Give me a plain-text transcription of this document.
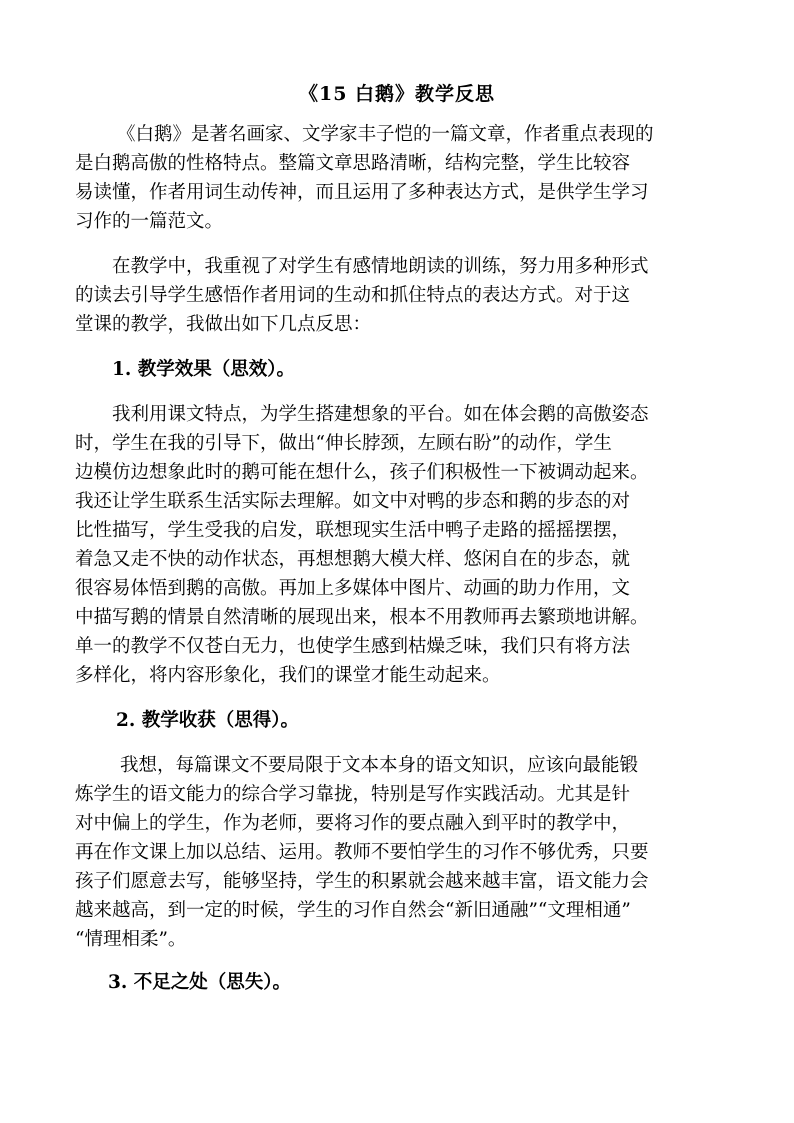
《15 白鹅》教学反思
《白鹅》是著名画家、文学家丰子恺的一篇文章，作者重点表现的
是白鹅高傲的性格特点。整篇文章思路清晰，结构完整，学生比较容
易读懂，作者用词生动传神，而且运用了多种表达方式，是供学生学习
习作的一篇范文。
在教学中，我重视了对学生有感情地朗读的训练，努力用多种形式
的读去引导学生感悟作者用词的生动和抓住特点的表达方式。对于这
堂课的教学，我做出如下几点反思：
1. 教学效果（思效）。
我利用课文特点，为学生搭建想象的平台。如在体会鹅的高傲姿态
时，学生在我的引导下，做出“伸长脖颈，左顾右盼”的动作，学生
边模仿边想象此时的鹅可能在想什么，孩子们积极性一下被调动起来。
我还让学生联系生活实际去理解。如文中对鸭的步态和鹅的步态的对
比性描写，学生受我的启发，联想现实生活中鸭子走路的摇摇摆摆，
着急又走不快的动作状态，再想想鹅大模大样、悠闲自在的步态，就
很容易体悟到鹅的高傲。再加上多媒体中图片、动画的助力作用，文
中描写鹅的情景自然清晰的展现出来，根本不用教师再去繁琐地讲解。
单一的教学不仅苍白无力，也使学生感到枯燥乏味，我们只有将方法
多样化，将内容形象化，我们的课堂才能生动起来。
2. 教学收获（思得）。
我想，每篇课文不要局限于文本本身的语文知识，应该向最能锻
炼学生的语文能力的综合学习靠拢，特别是写作实践活动。尤其是针
对中偏上的学生，作为老师，要将习作的要点融入到平时的教学中，
再在作文课上加以总结、运用。教师不要怕学生的习作不够优秀，只要
孩子们愿意去写，能够坚持，学生的积累就会越来越丰富，语文能力会
越来越高，到一定的时候，学生的习作自然会“新旧通融”“文理相通”
“情理相柔”。
3. 不足之处（思失）。
